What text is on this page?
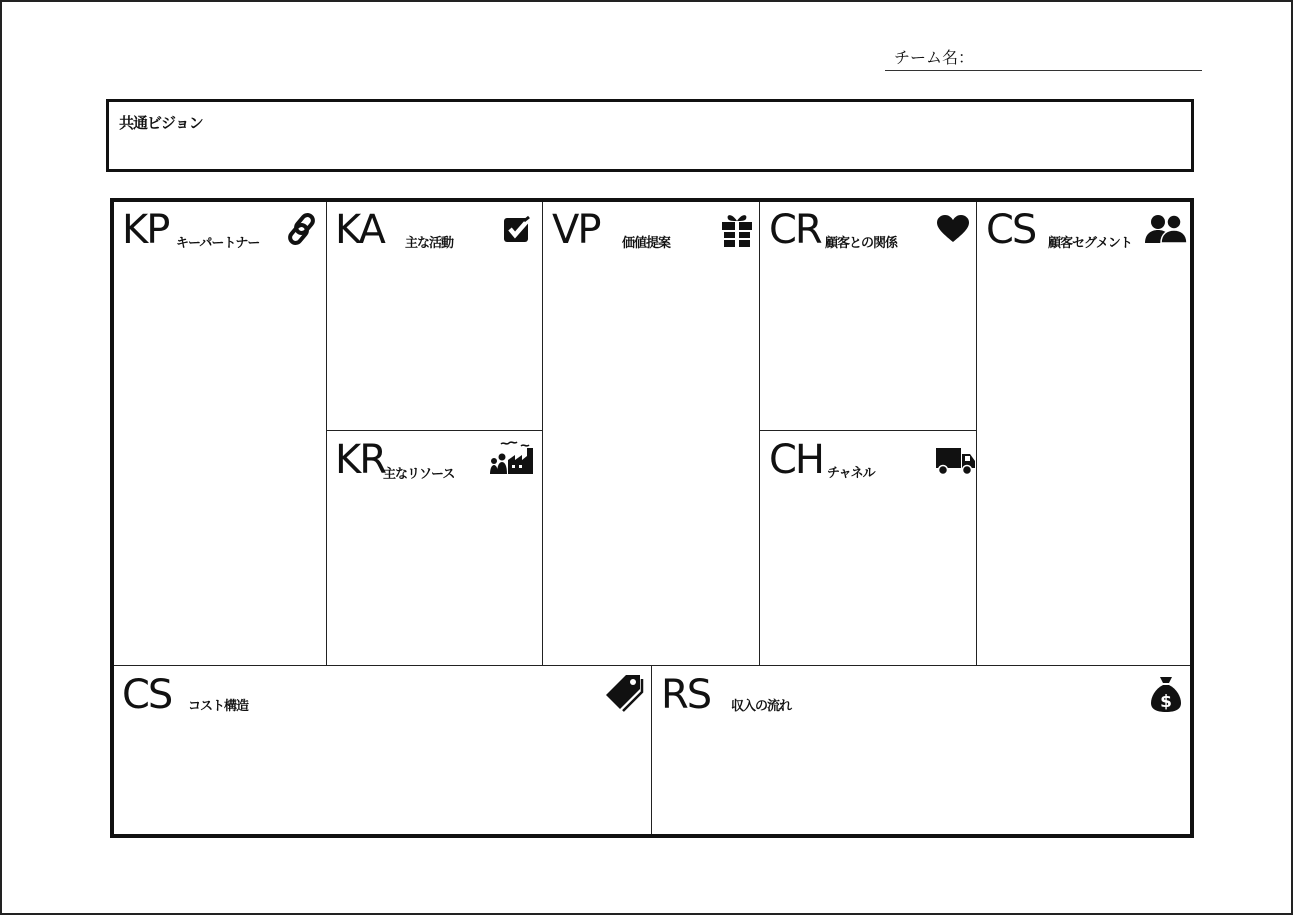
チーム名：
共通ビジョン
KP キーパートナー KA 主な活動 VP 価値提案 CR 顧客との関係 CS 顧客セグメント
KR
主なリソース	CH チャネル
CS コスト構造	RS 収入の流れ	$
